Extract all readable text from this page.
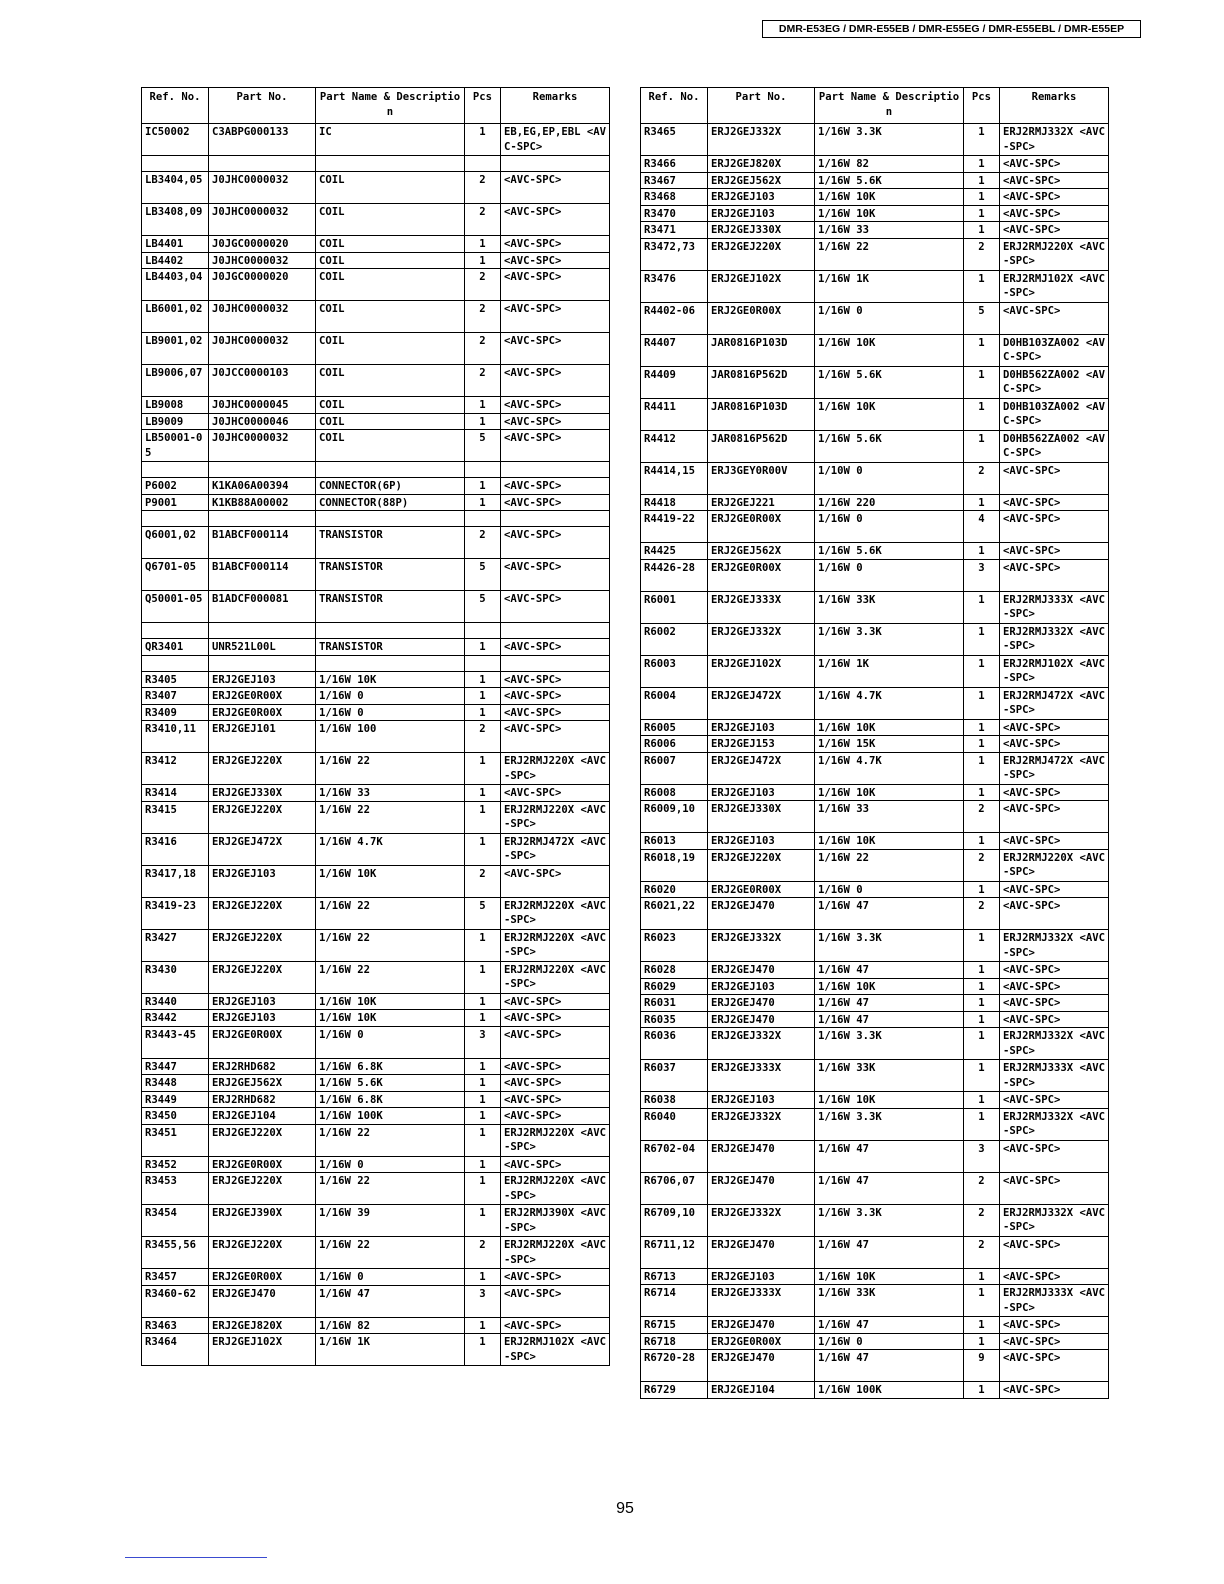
DMR-E53EG / DMR-E55EB / DMR-E55EG / DMR-E55EBL / DMR-E55EP
Ref. No.	Part No.	Part Name & Description	Pcs	Remarks
IC50002	C3ABPG000133	IC	1	EB,EG,EP,EBL <AVC-SPC>

LB3404,05	J0JHC0000032	COIL	2	<AVC-SPC>
LB3408,09	J0JHC0000032	COIL	2	<AVC-SPC>
LB4401	J0JGC0000020	COIL	1	<AVC-SPC>
LB4402	J0JHC0000032	COIL	1	<AVC-SPC>
LB4403,04	J0JGC0000020	COIL	2	<AVC-SPC>
LB6001,02	J0JHC0000032	COIL	2	<AVC-SPC>
LB9001,02	J0JHC0000032	COIL	2	<AVC-SPC>
LB9006,07	J0JCC0000103	COIL	2	<AVC-SPC>
LB9008	J0JHC0000045	COIL	1	<AVC-SPC>
LB9009	J0JHC0000046	COIL	1	<AVC-SPC>
LB50001-05	J0JHC0000032	COIL	5	<AVC-SPC>

P6002	K1KA06A00394	CONNECTOR(6P)	1	<AVC-SPC>
P9001	K1KB88A00002	CONNECTOR(88P)	1	<AVC-SPC>

Q6001,02	B1ABCF000114	TRANSISTOR	2	<AVC-SPC>
Q6701-05	B1ABCF000114	TRANSISTOR	5	<AVC-SPC>
Q50001-05	B1ADCF000081	TRANSISTOR	5	<AVC-SPC>

QR3401	UNR521L00L	TRANSISTOR	1	<AVC-SPC>

R3405	ERJ2GEJ103	1/16W 10K	1	<AVC-SPC>
R3407	ERJ2GE0R00X	1/16W 0	1	<AVC-SPC>
R3409	ERJ2GE0R00X	1/16W 0	1	<AVC-SPC>
R3410,11	ERJ2GEJ101	1/16W 100	2	<AVC-SPC>
R3412	ERJ2GEJ220X	1/16W 22	1	ERJ2RMJ220X <AVC-SPC>
R3414	ERJ2GEJ330X	1/16W 33	1	<AVC-SPC>
R3415	ERJ2GEJ220X	1/16W 22	1	ERJ2RMJ220X <AVC-SPC>
R3416	ERJ2GEJ472X	1/16W 4.7K	1	ERJ2RMJ472X <AVC-SPC>
R3417,18	ERJ2GEJ103	1/16W 10K	2	<AVC-SPC>
R3419-23	ERJ2GEJ220X	1/16W 22	5	ERJ2RMJ220X <AVC-SPC>
R3427	ERJ2GEJ220X	1/16W 22	1	ERJ2RMJ220X <AVC-SPC>
R3430	ERJ2GEJ220X	1/16W 22	1	ERJ2RMJ220X <AVC-SPC>
R3440	ERJ2GEJ103	1/16W 10K	1	<AVC-SPC>
R3442	ERJ2GEJ103	1/16W 10K	1	<AVC-SPC>
R3443-45	ERJ2GE0R00X	1/16W 0	3	<AVC-SPC>
R3447	ERJ2RHD682	1/16W 6.8K	1	<AVC-SPC>
R3448	ERJ2GEJ562X	1/16W 5.6K	1	<AVC-SPC>
R3449	ERJ2RHD682	1/16W 6.8K	1	<AVC-SPC>
R3450	ERJ2GEJ104	1/16W 100K	1	<AVC-SPC>
R3451	ERJ2GEJ220X	1/16W 22	1	ERJ2RMJ220X <AVC-SPC>
R3452	ERJ2GE0R00X	1/16W 0	1	<AVC-SPC>
R3453	ERJ2GEJ220X	1/16W 22	1	ERJ2RMJ220X <AVC-SPC>
R3454	ERJ2GEJ390X	1/16W 39	1	ERJ2RMJ390X <AVC-SPC>
R3455,56	ERJ2GEJ220X	1/16W 22	2	ERJ2RMJ220X <AVC-SPC>
R3457	ERJ2GE0R00X	1/16W 0	1	<AVC-SPC>
R3460-62	ERJ2GEJ470	1/16W 47	3	<AVC-SPC>
R3463	ERJ2GEJ820X	1/16W 82	1	<AVC-SPC>
R3464	ERJ2GEJ102X	1/16W 1K	1	ERJ2RMJ102X <AVC-SPC>
Ref. No.	Part No.	Part Name & Description	Pcs	Remarks
R3465	ERJ2GEJ332X	1/16W 3.3K	1	ERJ2RMJ332X <AVC-SPC>
R3466	ERJ2GEJ820X	1/16W 82	1	<AVC-SPC>
R3467	ERJ2GEJ562X	1/16W 5.6K	1	<AVC-SPC>
R3468	ERJ2GEJ103	1/16W 10K	1	<AVC-SPC>
R3470	ERJ2GEJ103	1/16W 10K	1	<AVC-SPC>
R3471	ERJ2GEJ330X	1/16W 33	1	<AVC-SPC>
R3472,73	ERJ2GEJ220X	1/16W 22	2	ERJ2RMJ220X <AVC-SPC>
R3476	ERJ2GEJ102X	1/16W 1K	1	ERJ2RMJ102X <AVC-SPC>
R4402-06	ERJ2GE0R00X	1/16W 0	5	<AVC-SPC>
R4407	JAR0816P103D	1/16W 10K	1	D0HB103ZA002 <AVC-SPC>
R4409	JAR0816P562D	1/16W 5.6K	1	D0HB562ZA002 <AVC-SPC>
R4411	JAR0816P103D	1/16W 10K	1	D0HB103ZA002 <AVC-SPC>
R4412	JAR0816P562D	1/16W 5.6K	1	D0HB562ZA002 <AVC-SPC>
R4414,15	ERJ3GEY0R00V	1/10W 0	2	<AVC-SPC>
R4418	ERJ2GEJ221	1/16W 220	1	<AVC-SPC>
R4419-22	ERJ2GE0R00X	1/16W 0	4	<AVC-SPC>
R4425	ERJ2GEJ562X	1/16W 5.6K	1	<AVC-SPC>
R4426-28	ERJ2GE0R00X	1/16W 0	3	<AVC-SPC>
R6001	ERJ2GEJ333X	1/16W 33K	1	ERJ2RMJ333X <AVC-SPC>
R6002	ERJ2GEJ332X	1/16W 3.3K	1	ERJ2RMJ332X <AVC-SPC>
R6003	ERJ2GEJ102X	1/16W 1K	1	ERJ2RMJ102X <AVC-SPC>
R6004	ERJ2GEJ472X	1/16W 4.7K	1	ERJ2RMJ472X <AVC-SPC>
R6005	ERJ2GEJ103	1/16W 10K	1	<AVC-SPC>
R6006	ERJ2GEJ153	1/16W 15K	1	<AVC-SPC>
R6007	ERJ2GEJ472X	1/16W 4.7K	1	ERJ2RMJ472X <AVC-SPC>
R6008	ERJ2GEJ103	1/16W 10K	1	<AVC-SPC>
R6009,10	ERJ2GEJ330X	1/16W 33	2	<AVC-SPC>
R6013	ERJ2GEJ103	1/16W 10K	1	<AVC-SPC>
R6018,19	ERJ2GEJ220X	1/16W 22	2	ERJ2RMJ220X <AVC-SPC>
R6020	ERJ2GE0R00X	1/16W 0	1	<AVC-SPC>
R6021,22	ERJ2GEJ470	1/16W 47	2	<AVC-SPC>
R6023	ERJ2GEJ332X	1/16W 3.3K	1	ERJ2RMJ332X <AVC-SPC>
R6028	ERJ2GEJ470	1/16W 47	1	<AVC-SPC>
R6029	ERJ2GEJ103	1/16W 10K	1	<AVC-SPC>
R6031	ERJ2GEJ470	1/16W 47	1	<AVC-SPC>
R6035	ERJ2GEJ470	1/16W 47	1	<AVC-SPC>
R6036	ERJ2GEJ332X	1/16W 3.3K	1	ERJ2RMJ332X <AVC-SPC>
R6037	ERJ2GEJ333X	1/16W 33K	1	ERJ2RMJ333X <AVC-SPC>
R6038	ERJ2GEJ103	1/16W 10K	1	<AVC-SPC>
R6040	ERJ2GEJ332X	1/16W 3.3K	1	ERJ2RMJ332X <AVC-SPC>
R6702-04	ERJ2GEJ470	1/16W 47	3	<AVC-SPC>
R6706,07	ERJ2GEJ470	1/16W 47	2	<AVC-SPC>
R6709,10	ERJ2GEJ332X	1/16W 3.3K	2	ERJ2RMJ332X <AVC-SPC>
R6711,12	ERJ2GEJ470	1/16W 47	2	<AVC-SPC>
R6713	ERJ2GEJ103	1/16W 10K	1	<AVC-SPC>
R6714	ERJ2GEJ333X	1/16W 33K	1	ERJ2RMJ333X <AVC-SPC>
R6715	ERJ2GEJ470	1/16W 47	1	<AVC-SPC>
R6718	ERJ2GE0R00X	1/16W 0	1	<AVC-SPC>
R6720-28	ERJ2GEJ470	1/16W 47	9	<AVC-SPC>
R6729	ERJ2GEJ104	1/16W 100K	1	<AVC-SPC>
95
